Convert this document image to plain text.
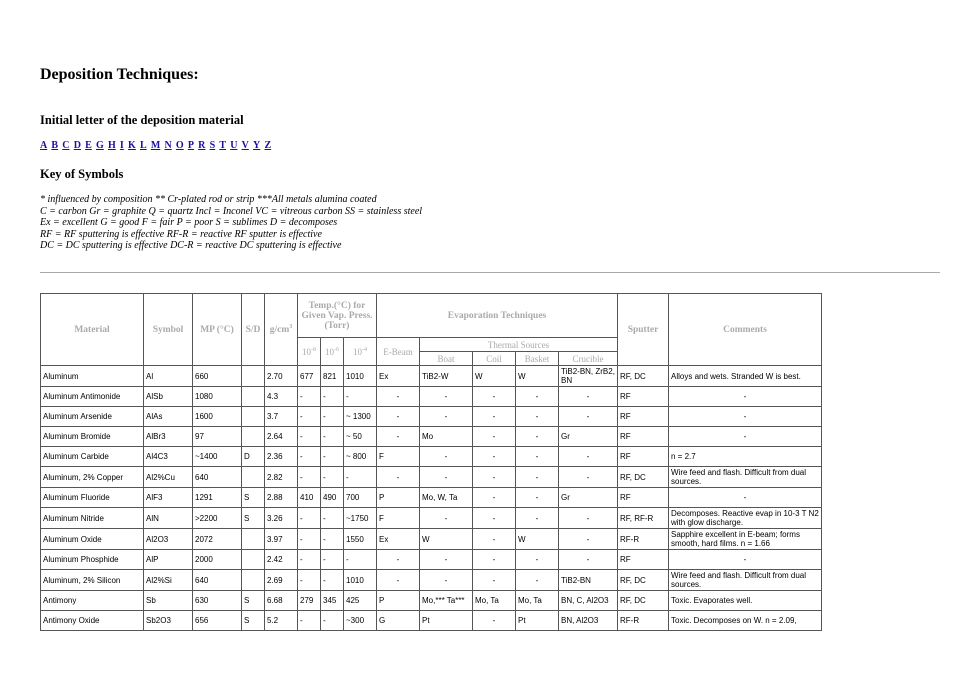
Deposition Techniques:
Initial letter of the deposition material
A B C D E G H I K L M N O P R S T U V Y Z
Key of Symbols
* influenced by composition ** Cr-plated rod or strip ***All metals alumina coated
C = carbon Gr = graphite Q = quartz Incl = Inconel VC = vitreous carbon SS = stainless steel
Ex = excellent G = good F = fair P = poor S = sublimes D = decomposes
RF = RF sputtering is effective RF-R = reactive RF sputter is effective
DC = DC sputtering is effective DC-R = reactive DC sputtering is effective
Material	Symbol	MP (°C)	S/D	$g/cm^3$	Temp.(°C) for Given Vap. Press. (Torr)			Evaporation Techniques					Sputter	Comments
					$10^{-8}$	$10^{-6}$	$10^{-4}$	E-Beam	Thermal Sources					
									Boat	Coil	Basket	Crucible		
Aluminum	Al	660		2.70	677	821	1010	Ex	TiB2-W	W	W	TiB2-BN, ZrB2, BN	RF, DC	Alloys and wets. Stranded W is best.
Aluminum Antimonide	AlSb	1080		4.3	-	-	-	-	-	-	-	-	RF	-
Aluminum Arsenide	AlAs	1600		3.7	-	-	~ 1300	-	-	-	-	-	RF	-
Aluminum Bromide	AlBr3	97		2.64	-	-	~ 50	-	Mo	-	-	Gr	RF	-
Aluminum Carbide	Al4C3	~1400	D	2.36	-	-	~ 800	F	-	-	-	-	RF	n = 2.7
Aluminum, 2% Copper	Al2%Cu	640		2.82	-	-	-	-	-	-	-	-	RF, DC	Wire feed and flash. Difficult from dual sources.
Aluminum Fluoride	AlF3	1291	S	2.88	410	490	700	P	Mo, W, Ta	-	-	Gr	RF	-
Aluminum Nitride	AlN	>2200	S	3.26	-	-	~1750	F	-	-	-	-	RF, RF-R	Decomposes. Reactive evap in 10-3 T N2 with glow discharge.
Aluminum Oxide	Al2O3	2072		3.97	-	-	1550	Ex	W	-	W	-	RF-R	Sapphire excellent in E-beam; forms smooth, hard films. n = 1.66
Aluminum Phosphide	AlP	2000		2.42	-	-	-	-	-	-	-	-	RF	-
Aluminum, 2% Silicon	Al2%Si	640		2.69	-	-	1010	-	-	-	-	TiB2-BN	RF, DC	Wire feed and flash. Difficult from dual sources.
Antimony	Sb	630	S	6.68	279	345	425	P	Mo,*** Ta***	Mo, Ta	Mo, Ta	BN, C, Al2O3	RF, DC	Toxic. Evaporates well.
Antimony Oxide	Sb2O3	656	S	5.2	-	-	~300	G	Pt	-	Pt	BN, Al2O3	RF-R	Toxic. Decomposes on W. n = 2.09,
